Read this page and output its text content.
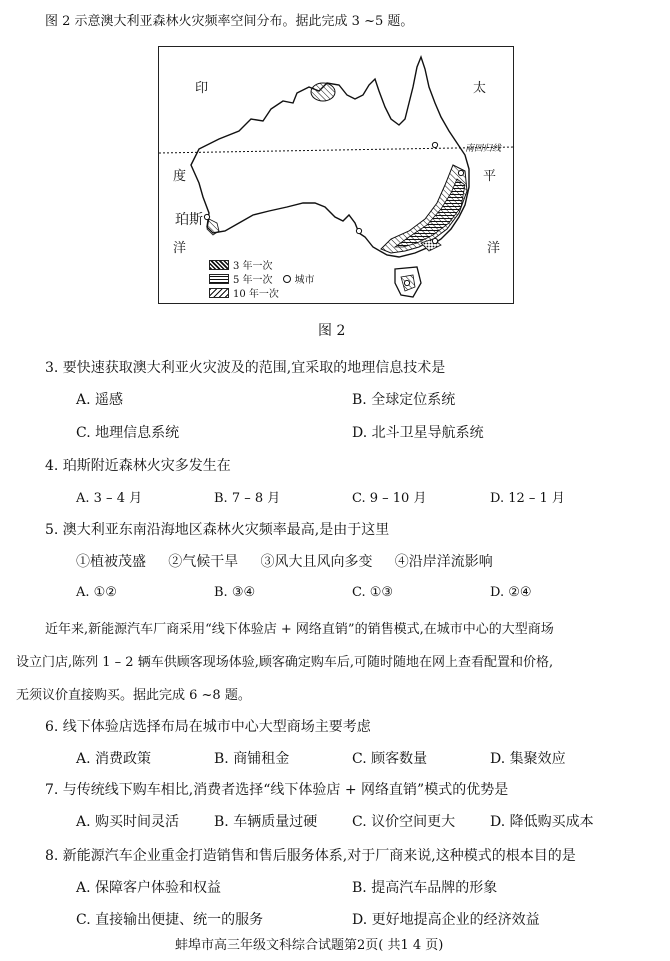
图 2 示意澳大利亚森林火灾频率空间分布。据此完成 3 ~5 题。
印
度
洋
太
平
洋
珀斯
南回归线
3 年一次
5 年一次 城市
10 年一次
图 2
3. 要快速获取澳大利亚火灾波及的范围,宜采取的地理信息技术是
A. 遥感	B. 全球定位系统
C. 地理信息系统	D. 北斗卫星导航系统
4. 珀斯附近森林火灾多发生在
A. 3 – 4 月	B. 7 – 8 月	C. 9 – 10 月	D. 12 – 1 月
5. 澳大利亚东南沿海地区森林火灾频率最高,是由于这里
①植被茂盛     ②气候干旱     ③风大且风向多变     ④沿岸洋流影响
A. ①②	B. ③④	C. ①③	D. ②④
近年来,新能源汽车厂商采用“线下体验店 + 网络直销”的销售模式,在城市中心的大型商场
设立门店,陈列 1 – 2 辆车供顾客现场体验,顾客确定购车后,可随时随地在网上查看配置和价格,
无须议价直接购买。据此完成 6 ~8 题。
6. 线下体验店选择布局在城市中心大型商场主要考虑
A. 消费政策	B. 商铺租金	C. 顾客数量	D. 集聚效应
7. 与传统线下购车相比,消费者选择“线下体验店 + 网络直销”模式的优势是
A. 购买时间灵活 B. 车辆质量过硬 C. 议价空间更大 D. 降低购买成本
8. 新能源汽车企业重金打造销售和售后服务体系,对于厂商来说,这种模式的根本目的是
A. 保障客户体验和权益	B. 提高汽车品牌的形象
C. 直接输出便捷、统一的服务	D. 更好地提高企业的经济效益
蚌埠市高三年级文科综合试题第2页( 共1 4 页)
